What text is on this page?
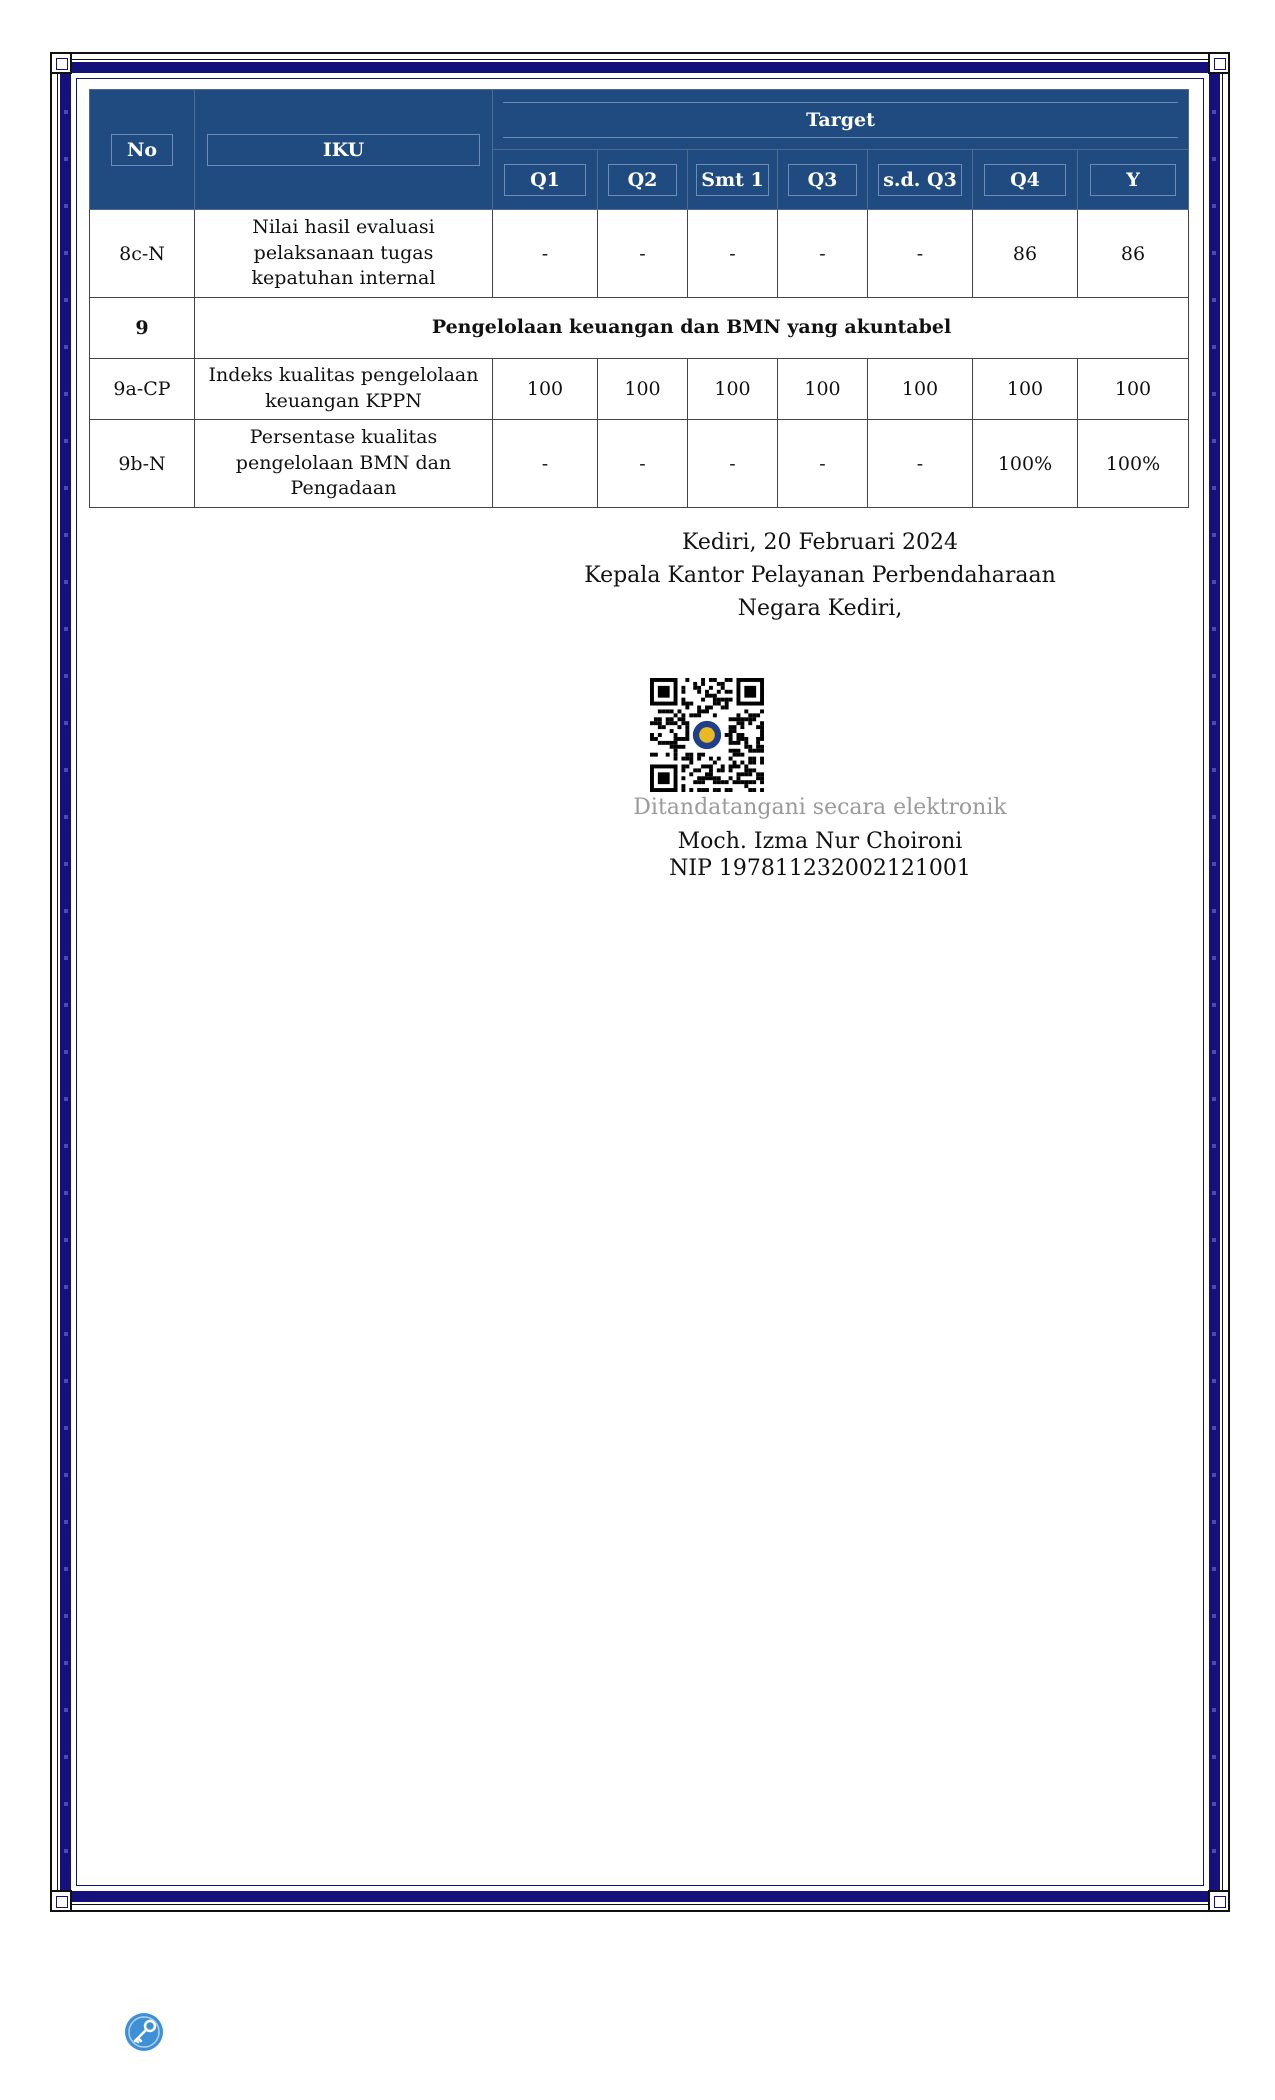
No	IKU	Target						

		Q1	Q2	Smt 1	Q3	s.d. Q3	Q4	Y
8c-N	Nilai hasil evaluasi pelaksanaan tugas kepatuhan internal	-	-	-	-	-	86	86
9	Pengelolaan keuangan dan BMN yang akuntabel							
9a-CP	Indeks kualitas pengelolaan keuangan KPPN	100	100	100	100	100	100	100
9b-N	Persentase kualitas pengelolaan BMN dan Pengadaan	-	-	-	-	-	100%	100%
Kediri, 20 Februari 2024
Kepala Kantor Pelayanan Perbendaharaan
Negara Kediri,
Ditandatangani secara elektronik
Moch. Izma Nur Choironi
NIP 197811232002121001
